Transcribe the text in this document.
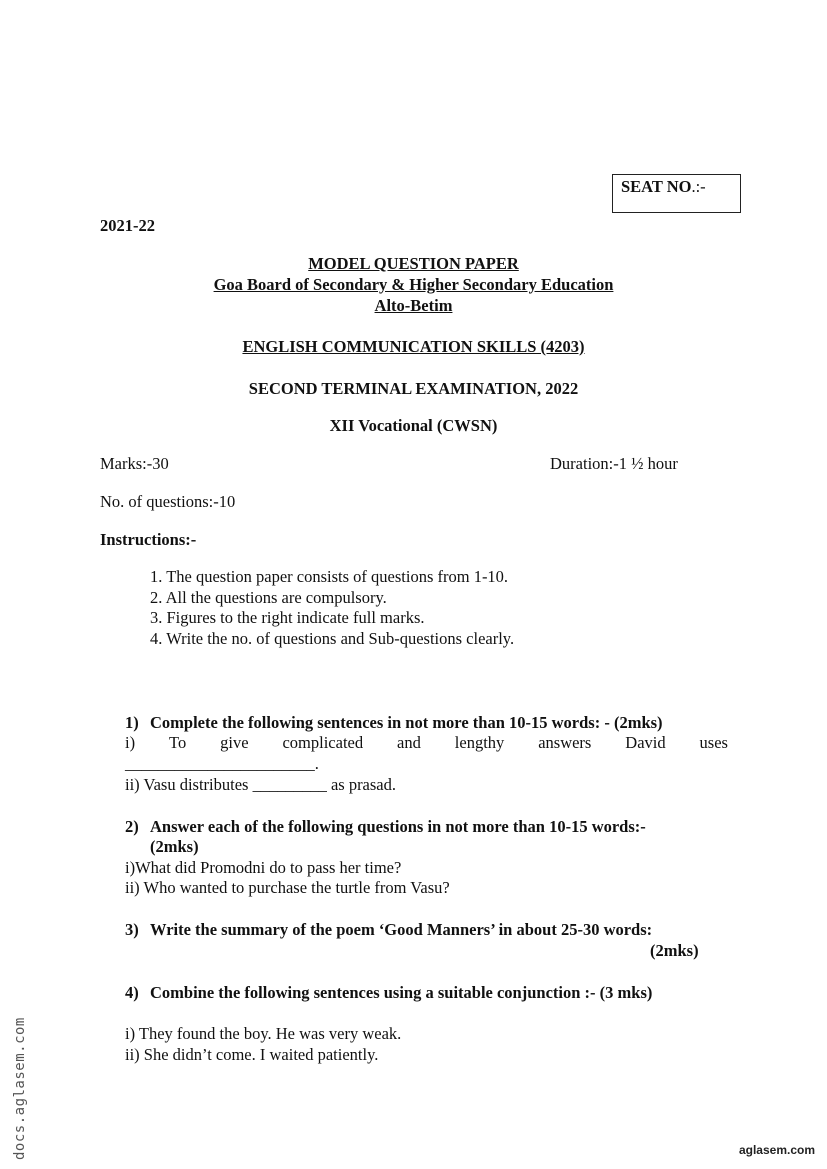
SEAT NO.:-
2021-22
MODEL QUESTION PAPER
Goa Board of Secondary & Higher Secondary Education
Alto-Betim
ENGLISH COMMUNICATION SKILLS (4203)
SECOND TERMINAL EXAMINATION, 2022
XII Vocational (CWSN)
Marks:-30	Duration:-1 ½ hour
No. of questions:-10
Instructions:-
1. The question paper consists of questions from 1-10.
2. All the questions are compulsory.
3. Figures to the right indicate full marks.
4. Write the no. of questions and Sub-questions clearly.
1) Complete the following sentences in not more than 10-15 words: - (2mks)
i) To give complicated and lengthy answers David uses
_______________________.
ii) Vasu distributes _________ as prasad.
2) Answer each of the following questions in not more than 10-15 words:-
(2mks)
i)What did Promodni do to pass her time?
ii) Who wanted to purchase the turtle from Vasu?
3) Write the summary of the poem ‘Good Manners’ in about 25-30 words:
(2mks)
4) Combine the following sentences using a suitable conjunction :- (3 mks)
i) They found the boy. He was very weak.
ii) She didn’t come. I waited patiently.
docs.aglasem.com	aglasem.com
